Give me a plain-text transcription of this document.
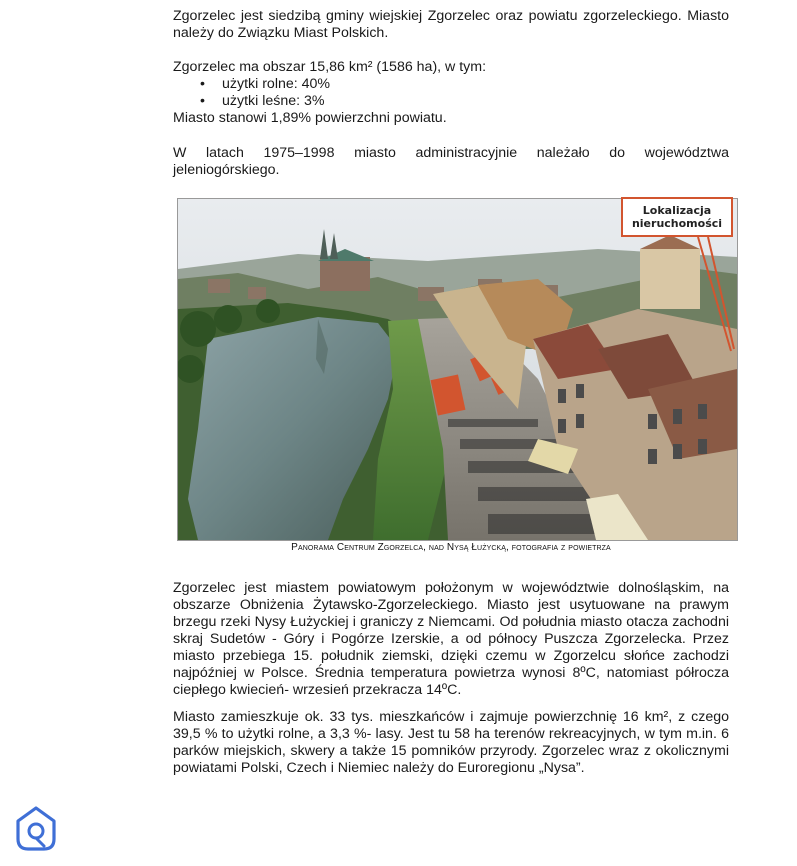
Zgorzelec jest siedzibą gminy wiejskiej Zgorzelec oraz powiatu zgorzeleckiego. Miasto należy do Związku Miast Polskich.

Zgorzelec ma obszar 15,86 km² (1586 ha), w tym:

• użytki rolne: 40%
• użytki leśne: 3%

Miasto stanowi 1,89% powierzchni powiatu.

W latach 1975–1998 miasto administracyjnie należało do województwa jeleniogórskiego.

Lokalizacja nieruchomości
Panorama Centrum Zgorzelca, nad Nysą Łużycką, fotografia z powietrza

Zgorzelec jest miastem powiatowym położonym w województwie dolnośląskim, na obszarze Obniżenia Żytawsko-Zgorzeleckiego. Miasto jest usytuowane na prawym brzegu rzeki Nysy Łużyckiej i graniczy z Niemcami. Od południa miasto otacza zachodni skraj Sudetów - Góry i Pogórze Izerskie, a od północy Puszcza Zgorzelecka. Przez miasto przebiega 15. południk ziemski, dzięki czemu w Zgorzelcu słońce zachodzi najpóźniej w Polsce. Średnia temperatura powietrza wynosi 8ºC, natomiast półrocza ciepłego kwiecień- wrzesień przekracza 14ºC.

Miasto zamieszkuje ok. 33 tys. mieszkańców i zajmuje powierzchnię 16 km², z czego 39,5 % to użytki rolne, a 3,3 %- lasy. Jest tu 58 ha terenów rekreacyjnych, w tym m.in. 6 parków miejskich, skwery a także 15 pomników przyrody. Zgorzelec wraz z okolicznymi powiatami Polski, Czech i Niemiec należy do Euroregionu „Nysa”.
